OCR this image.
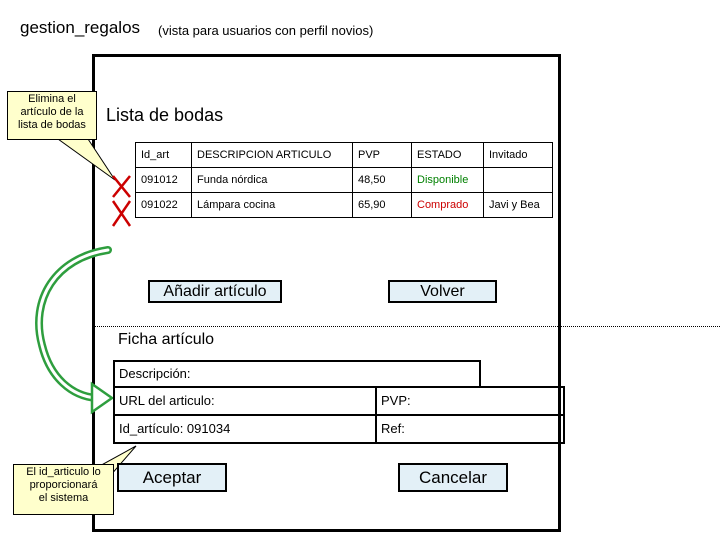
gestion_regalos (vista para usuarios con perfil novios)
Elimina el
artículo de la
lista de bodas
El id_articulo lo
proporcionará
el sistema
Lista de bodas
Id_art	DESCRIPCION ARTICULO	PVP	ESTADO	Invitado
091012	Funda nórdica	48,50	Disponible	
091022	Lámpara cocina	65,90	Comprado	Javi y Bea
Añadir artículo	Volver
Ficha artículo
Descripción:
URL del articulo:	PVP:
Id_artículo: 091034	Ref:
Aceptar	Cancelar
